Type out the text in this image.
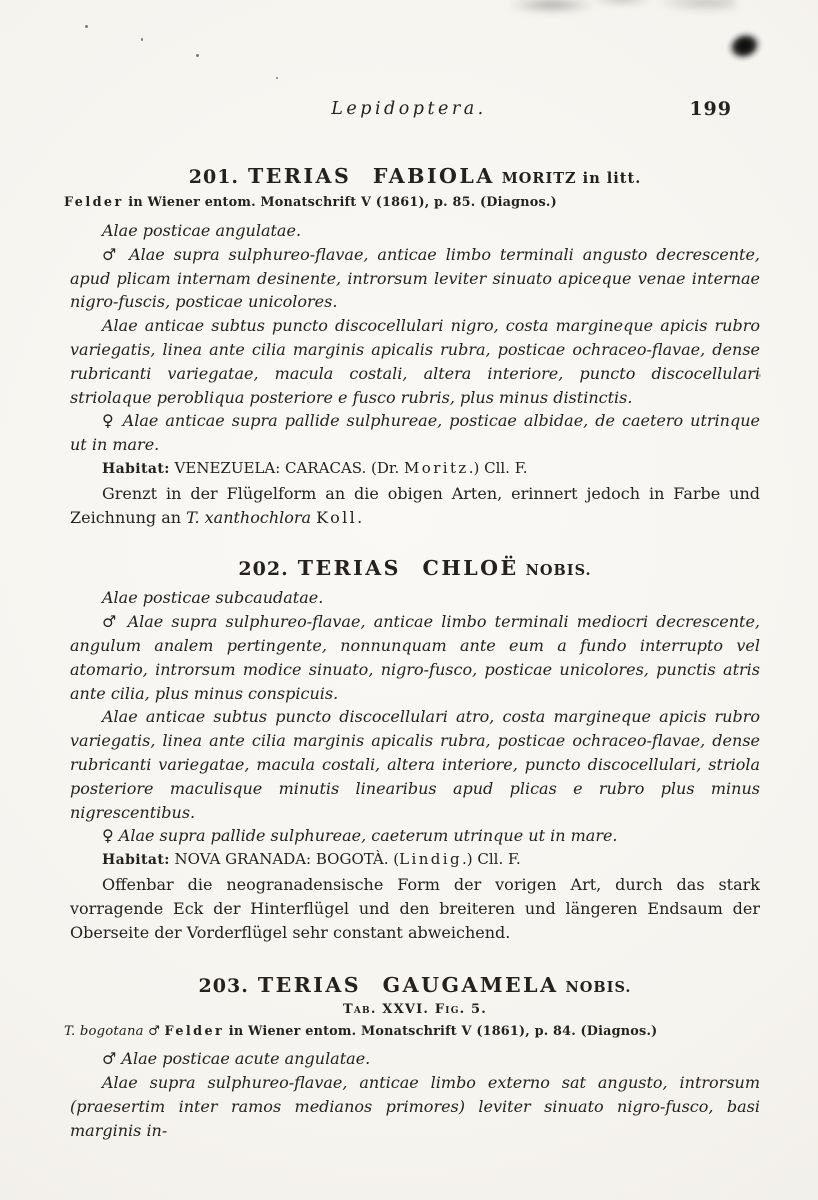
Lepidoptera.	199
201. TERIAS FABIOLA MORITZ in litt.

Felder in Wiener entom. Monatschrift V (1861), p. 85. (Diagnos.)

Alae posticae angulatae.

♂ Alae supra sulphureo-flavae, anticae limbo terminali angusto decrescente, apud plicam internam desinente, introrsum leviter sinuato apiceque venae internae nigro-fuscis, posticae unicolores.

Alae anticae subtus puncto discocellulari nigro, costa margineque apicis rubro variegatis, linea ante cilia marginis apicalis rubra, posticae ochraceo-flavae, dense rubricanti variegatae, macula costali, altera interiore, puncto discocellulari striolaque perobliqua posteriore e fusco rubris, plus minus distinctis.

♀ Alae anticae supra pallide sulphureae, posticae albidae, de caetero utrinque ut in mare.

Habitat: VENEZUELA: CARACAS. (Dr. Moritz.) Cll. F.

Grenzt in der Flügelform an die obigen Arten, erinnert jedoch in Farbe und Zeichnung an T. xanthochlora Koll.

202. TERIAS CHLOË NOBIS.

Alae posticae subcaudatae.

♂ Alae supra sulphureo-flavae, anticae limbo terminali mediocri decrescente, angulum analem pertingente, nonnunquam ante eum a fundo interrupto vel atomario, introrsum modice sinuato, nigro-fusco, posticae unicolores, punctis atris ante cilia, plus minus conspicuis.

Alae anticae subtus puncto discocellulari atro, costa margineque apicis rubro variegatis, linea ante cilia marginis apicalis rubra, posticae ochraceo-flavae, dense rubricanti variegatae, macula costali, altera interiore, puncto discocellulari, striola posteriore maculisque minutis linearibus apud plicas e rubro plus minus nigrescentibus.

♀ Alae supra pallide sulphureae, caeterum utrinque ut in mare.

Habitat: NOVA GRANADA: BOGOTÀ. (Lindig.) Cll. F.

Offenbar die neogranadensische Form der vorigen Art, durch das stark vorragende Eck der Hinterflügel und den breiteren und längeren Endsaum der Oberseite der Vorderflügel sehr constant abweichend.

203. TERIAS GAUGAMELA NOBIS.

Tab. XXVI. Fig. 5.

T. bogotana ♂ Felder in Wiener entom. Monatschrift V (1861), p. 84. (Diagnos.)

♂ Alae posticae acute angulatae.

Alae supra sulphureo-flavae, anticae limbo externo sat angusto, introrsum (praesertim inter ramos medianos primores) leviter sinuato nigro-fusco, basi marginis in-
